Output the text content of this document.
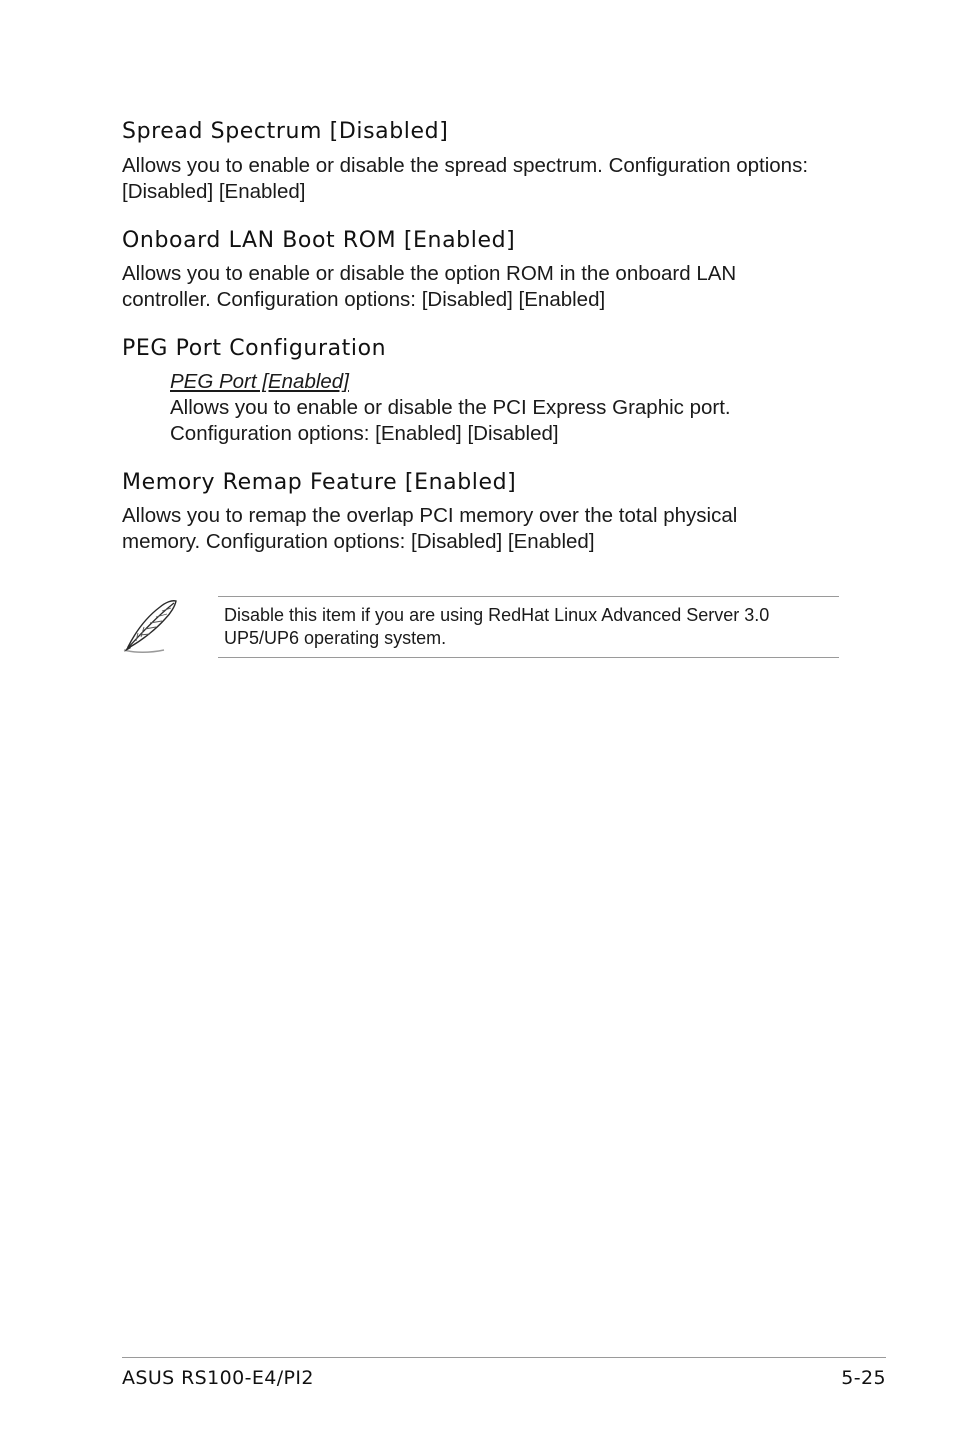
Spread Spectrum [Disabled]

Allows you to enable or disable the spread spectrum. Configuration options:
[Disabled] [Enabled]

Onboard LAN Boot ROM [Enabled]

Allows you to enable or disable the option ROM in the onboard LAN
controller. Configuration options: [Disabled] [Enabled]

PEG Port Configuration
PEG Port [Enabled]
Allows you to enable or disable the PCI Express Graphic port.
Configuration options: [Enabled] [Disabled]
Memory Remap Feature [Enabled]

Allows you to remap the overlap PCI memory over the total physical
memory. Configuration options: [Disabled] [Enabled]

Disable this item if you are using RedHat Linux Advanced Server 3.0
UP5/UP6 operating system.

ASUS RS100-E4/PI2	5-25
